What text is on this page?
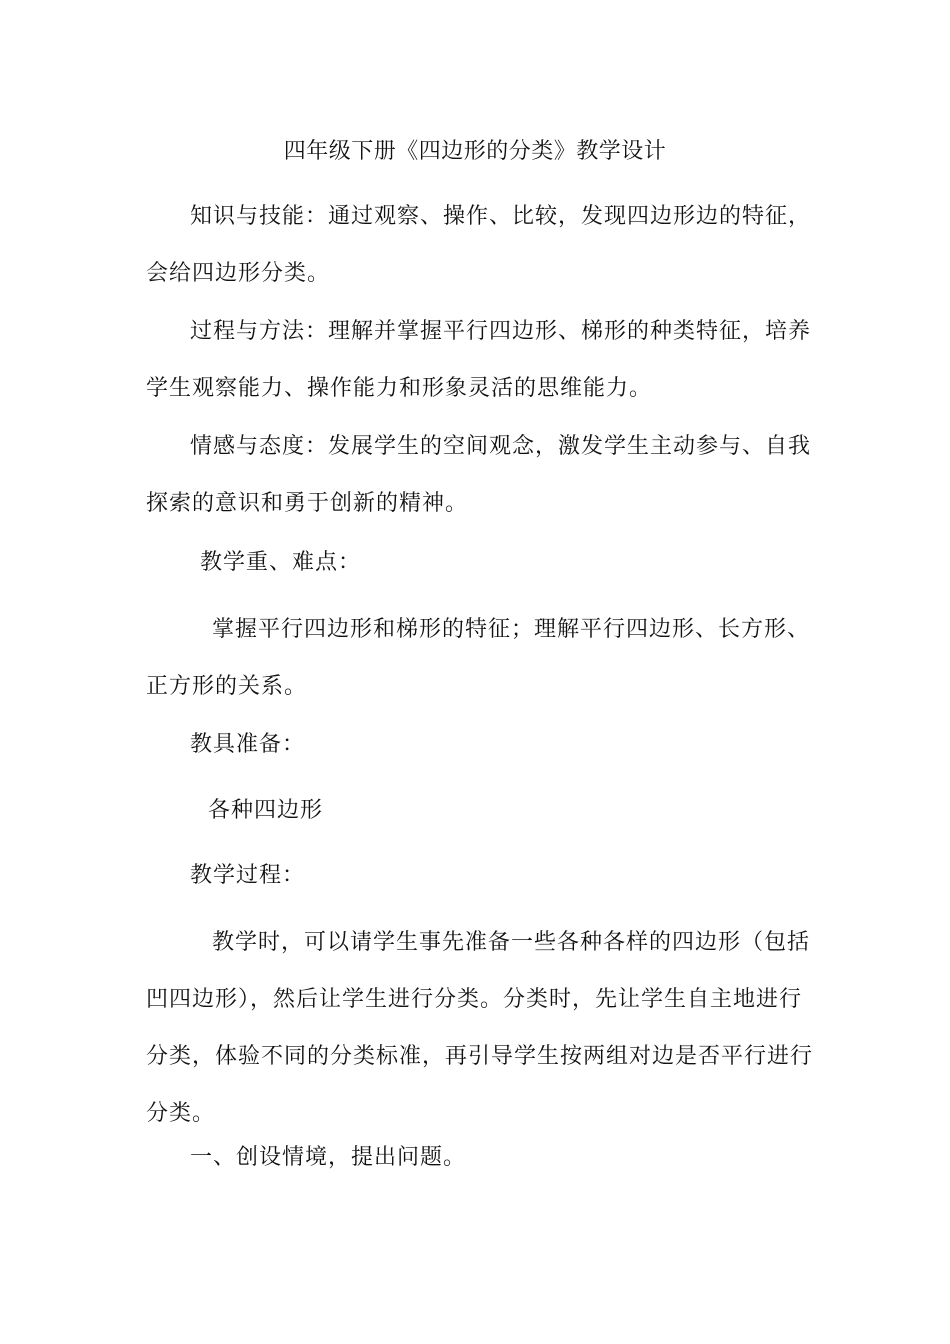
四年级下册《四边形的分类》教学设计

知识与技能：通过观察、操作、比较，发现四边形边的特征，
会给四边形分类。

过程与方法：理解并掌握平行四边形、梯形的种类特征，培养
学生观察能力、操作能力和形象灵活的思维能力。

情感与态度：发展学生的空间观念，激发学生主动参与、自我
探索的意识和勇于创新的精神。

教学重、难点：

掌握平行四边形和梯形的特征；理解平行四边形、长方形、
正方形的关系。

教具准备：

各种四边形

教学过程：

教学时，可以请学生事先准备一些各种各样的四边形（包括
凹四边形），然后让学生进行分类。分类时，先让学生自主地进行
分类，体验不同的分类标准，再引导学生按两组对边是否平行进行
分类。

一、创设情境，提出问题。
